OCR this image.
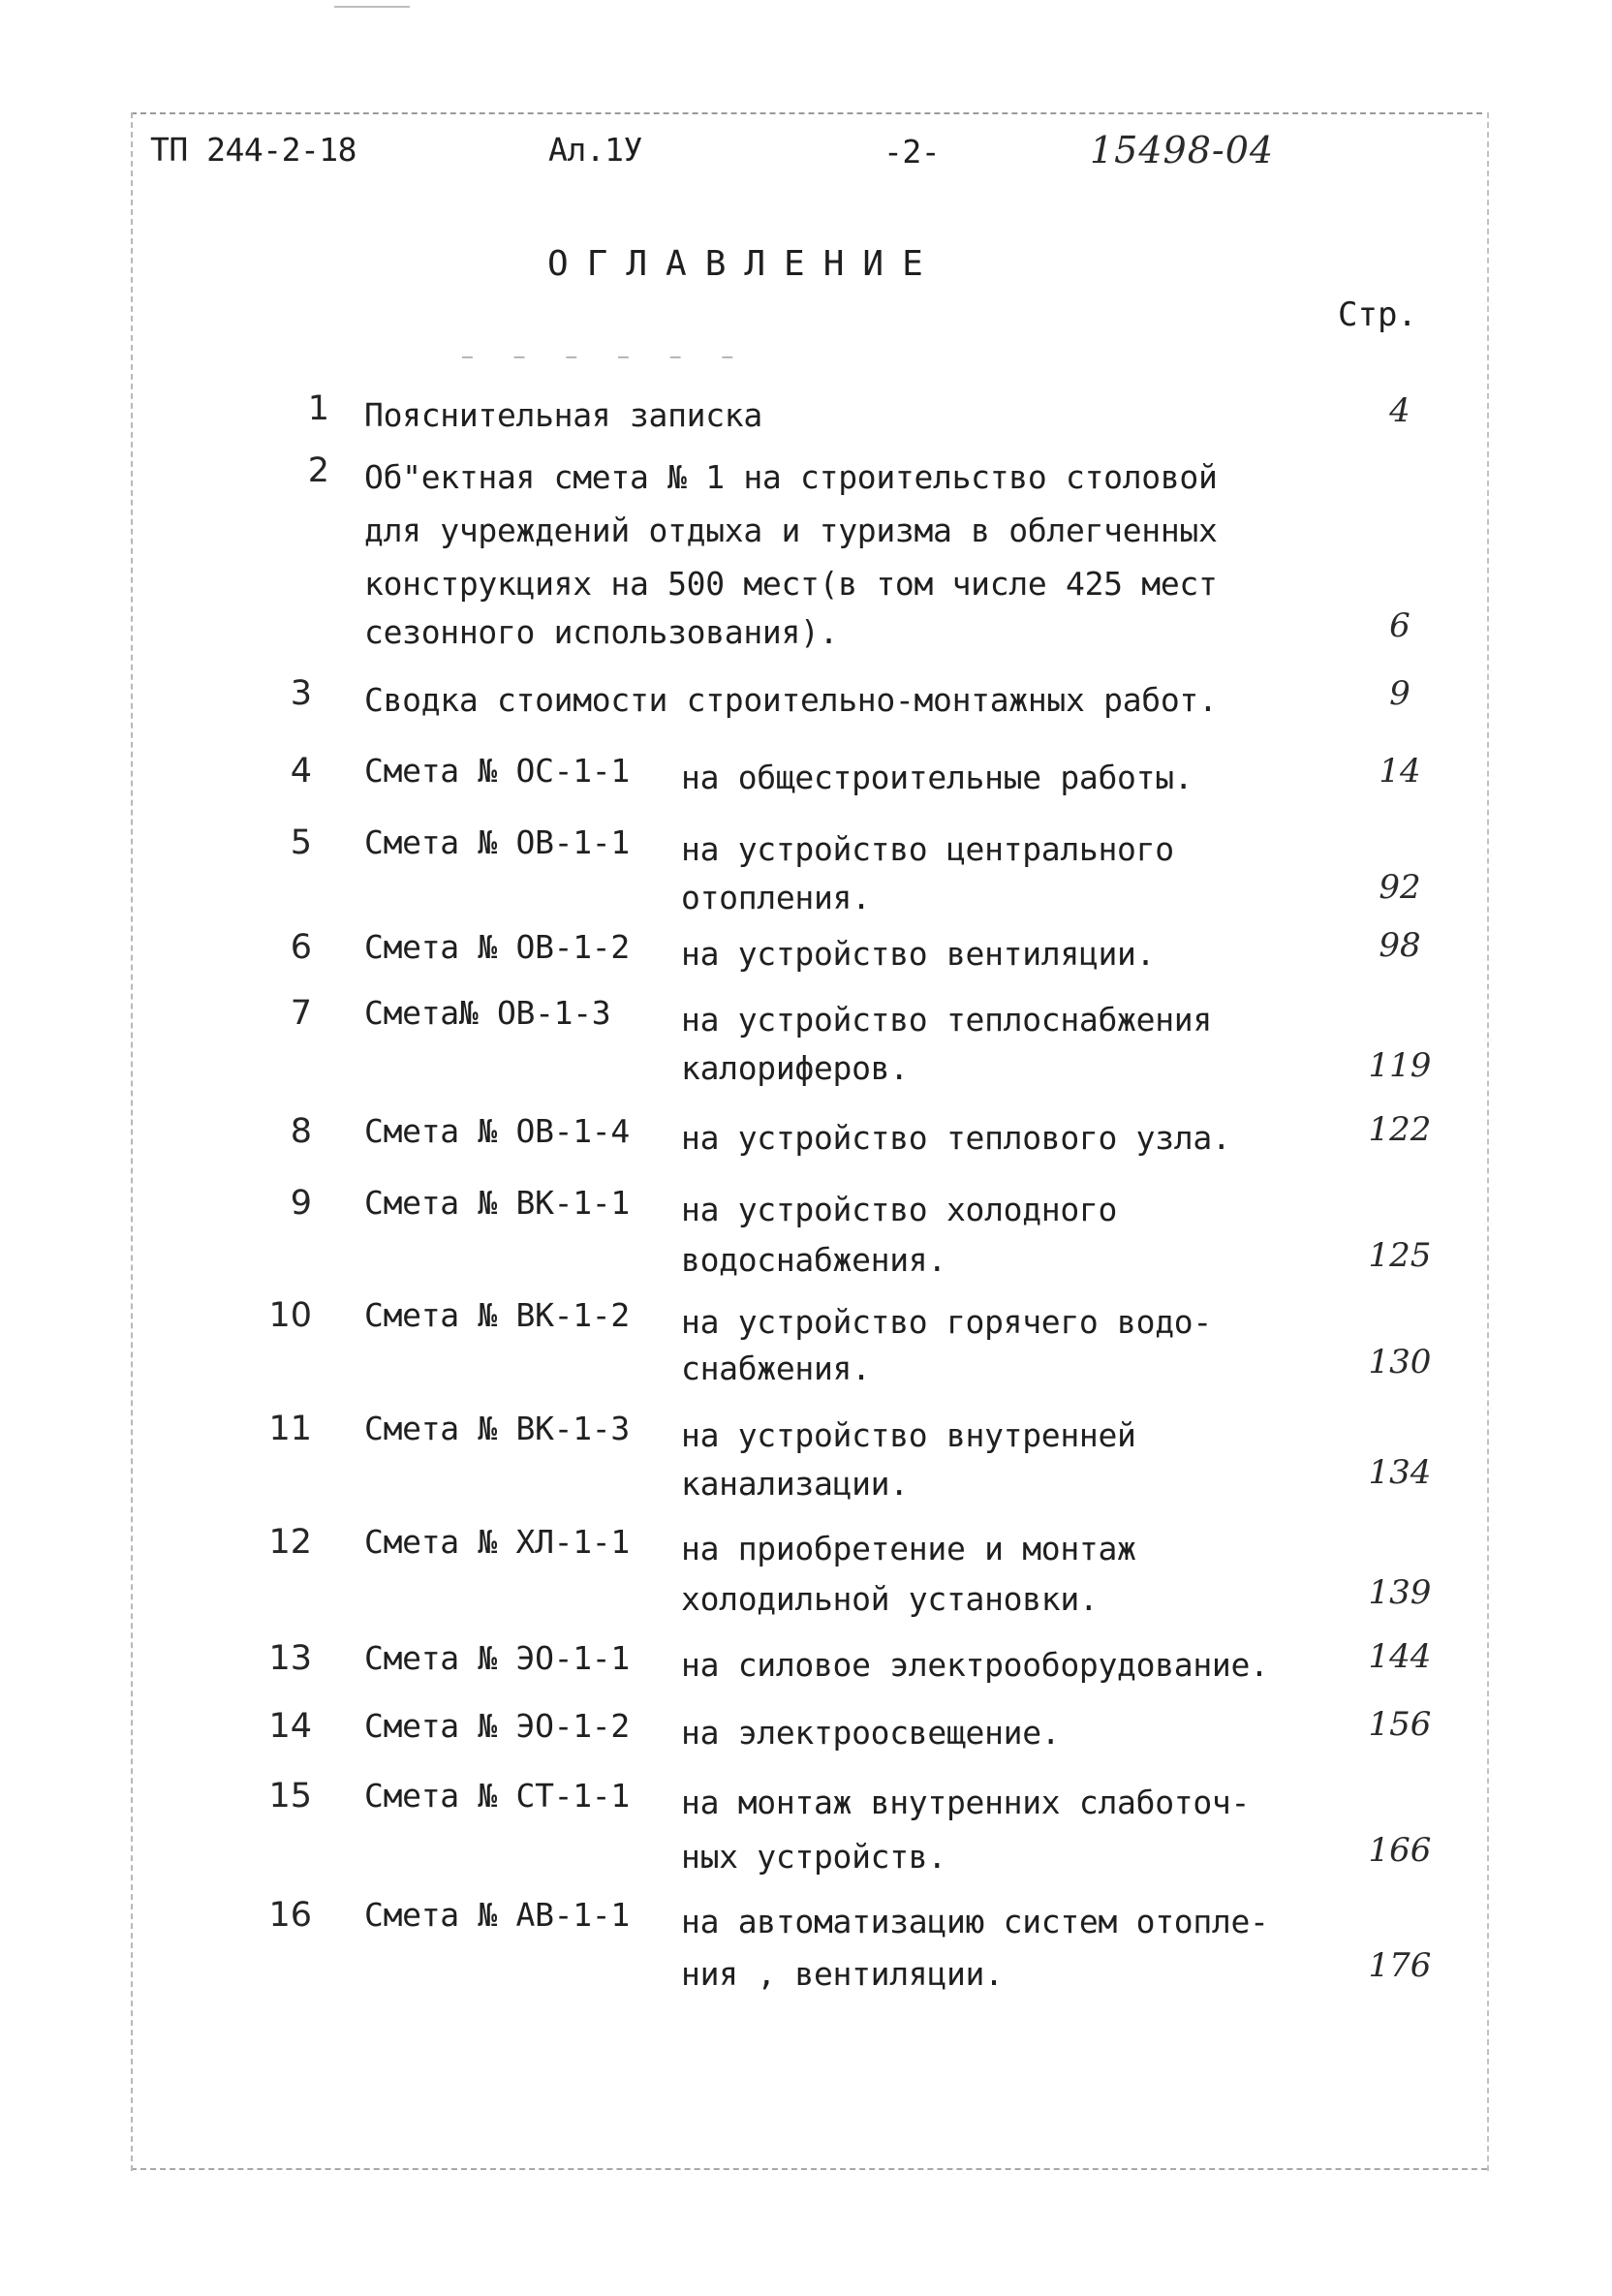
ТП 244-2-18	Ал.1У	-2-	15498-04
ОГЛАВЛЕНИЕ
Стр.
‒ ‒ ‒ ‒ ‒ ‒
1 Пояснительная записка	4
2 Об"ектная смета № 1 на строительство столовой
для учреждений отдыха и туризма в облегченных
конструкциях на 500 мест(в том числе 425 мест
сезонного использования).	6
3 Сводка стоимости строительно-монтажных работ.	9
4 Смета № ОС-1-1 на общестроительные работы.	14
5 Смета № ОВ-1-1 на устройство центрального
отопления.	92
6 Смета № ОВ-1-2 на устройство вентиляции.	98
7 Смета№ ОВ-1-3 на устройство теплоснабжения
калориферов.	119
8 Смета № ОВ-1-4 на устройство теплового узла.	122
9 Смета № ВК-1-1 на устройство холодного
водоснабжения.	125
10 Смета № ВК-1-2 на устройство горячего водо-
снабжения.	130
11 Смета № ВК-1-3 на устройство внутренней
канализации.	134
12 Смета № ХЛ-1-1 на приобретение и монтаж
холодильной установки.	139
13 Смета № ЭО-1-1 на силовое электрооборудование.	144
14 Смета № ЭО-1-2 на электроосвещение.	156
15 Смета № СТ-1-1 на монтаж внутренних слаботоч-
ных устройств.	166
16 Смета № АВ-1-1 на автоматизацию систем отопле-
ния , вентиляции.	176
